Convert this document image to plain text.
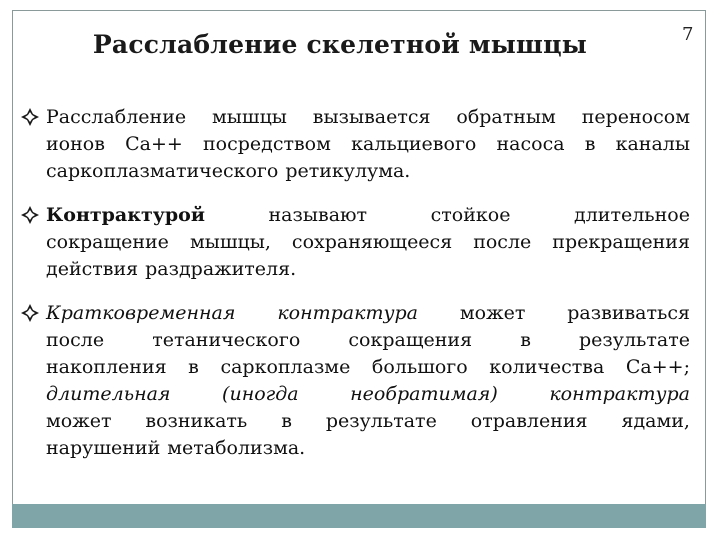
Расслабление скелетной мышцы	7
Расслабление мышцы вызывается обратным переносом
ионов Са++ посредством кальциевого насоса в каналы
саркоплазматического ретикулума.
Контрактурой	называют	стойкое	длительное
сокращение мышцы, сохраняющееся после прекращения
действия раздражителя.
Кратковременная контрактура может развиваться
после	тетанического	сокращения	в	результате
накопления в саркоплазме большого количества Са++;
длительная	(иногда	необратимая)	контрактура
может возникать в результате отравления ядами,
нарушений метаболизма.
